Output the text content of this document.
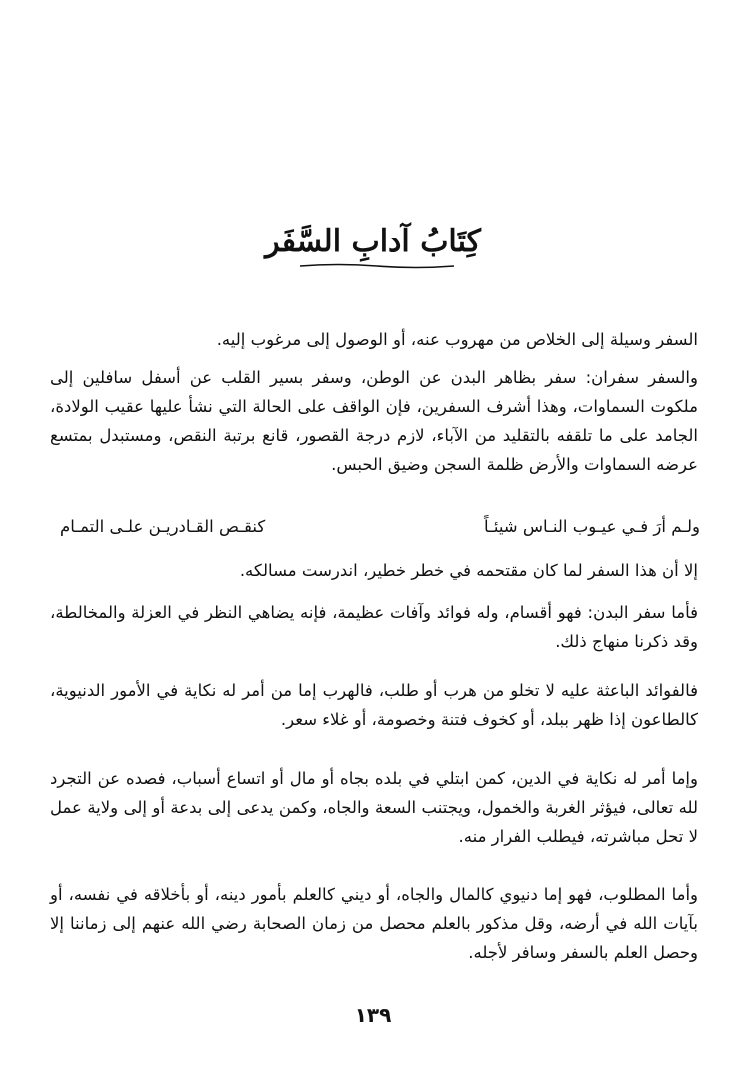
كِتَابُ آدابِ السَّفَر
السفر وسيلة إلى الخلاص من مهروب عنه، أو الوصول إلى مرغوب إليه.
والسفر سفران: سفر بظاهر البدن عن الوطن، وسفر بسير القلب عن أسفل سافلين إلى ملكوت السماوات، وهذا أشرف السفرين، فإن الواقف على الحالة التي نشأ عليها عقيب الولادة، الجامد على ما تلقفه بالتقليد من الآباء، لازم درجة القصور، قانع برتبة النقص، ومستبدل بمتسع عرضه السماوات والأرض ظلمة السجن وضيق الحبس.
ولـم أرَ فـي عيـوب النـاس شيئـاً
كنقـص القـادريـن علـى التمـام
إلا أن هذا السفر لما كان مقتحمه في خطر خطير، اندرست مسالكه.
فأما سفر البدن: فهو أقسام، وله فوائد وآفات عظيمة، فإنه يضاهي النظر في العزلة والمخالطة، وقد ذكرنا منهاج ذلك.
فالفوائد الباعثة عليه لا تخلو من هرب أو طلب، فالهرب إما من أمر له نكاية في الأمور الدنيوية، كالطاعون إذا ظهر ببلد، أو كخوف فتنة وخصومة، أو غلاء سعر.
وإما أمر له نكاية في الدين، كمن ابتلي في بلده بجاه أو مال أو اتساع أسباب، فصده عن التجرد لله تعالى، فيؤثر الغربة والخمول، ويجتنب السعة والجاه، وكمن يدعى إلى بدعة أو إلى ولاية عمل لا تحل مباشرته، فيطلب الفرار منه.
وأما المطلوب، فهو إما دنيوي كالمال والجاه، أو ديني كالعلم بأمور دينه، أو بأخلاقه في نفسه، أو بآيات الله في أرضه، وقل مذكور بالعلم محصل من زمان الصحابة رضي الله عنهم إلى زماننا إلا وحصل العلم بالسفر وسافر لأجله.
١٣٩
